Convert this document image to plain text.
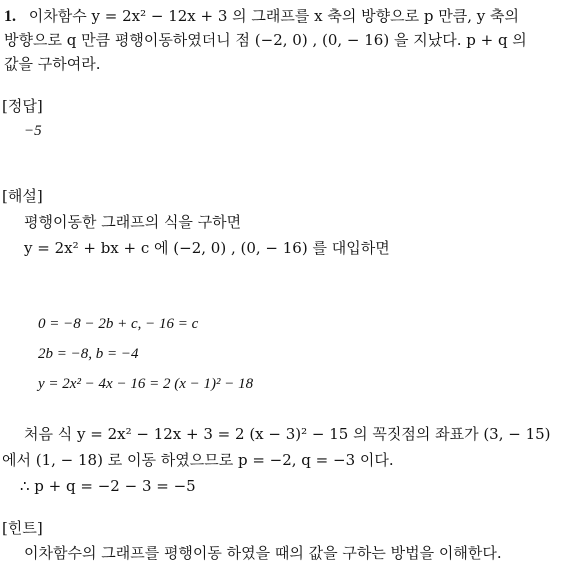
1. 이차함수 y = 2x² − 12x + 3 의 그래프를 x 축의 방향으로 p 만큼, y 축의
방향으로 q 만큼 평행이동하였더니 점 (−2, 0) , (0, − 16) 을 지났다. p + q 의
값을 구하여라.
[정답]
−5
[해설]
평행이동한 그래프의 식을 구하면
y = 2x² + bx + c 에 (−2, 0) , (0, − 16) 를 대입하면
0 = −8 − 2b + c, − 16 = c
2b = −8, b = −4
y = 2x² − 4x − 16 = 2 (x − 1)² − 18
처음 식 y = 2x² − 12x + 3 = 2 (x − 3)² − 15 의 꼭짓점의 좌표가 (3, − 15)
에서 (1, − 18) 로 이동 하였으므로 p = −2, q = −3 이다.
∴ p + q = −2 − 3 = −5
[힌트]
이차함수의 그래프를 평행이동 하였을 때의 값을 구하는 방법을 이해한다.
